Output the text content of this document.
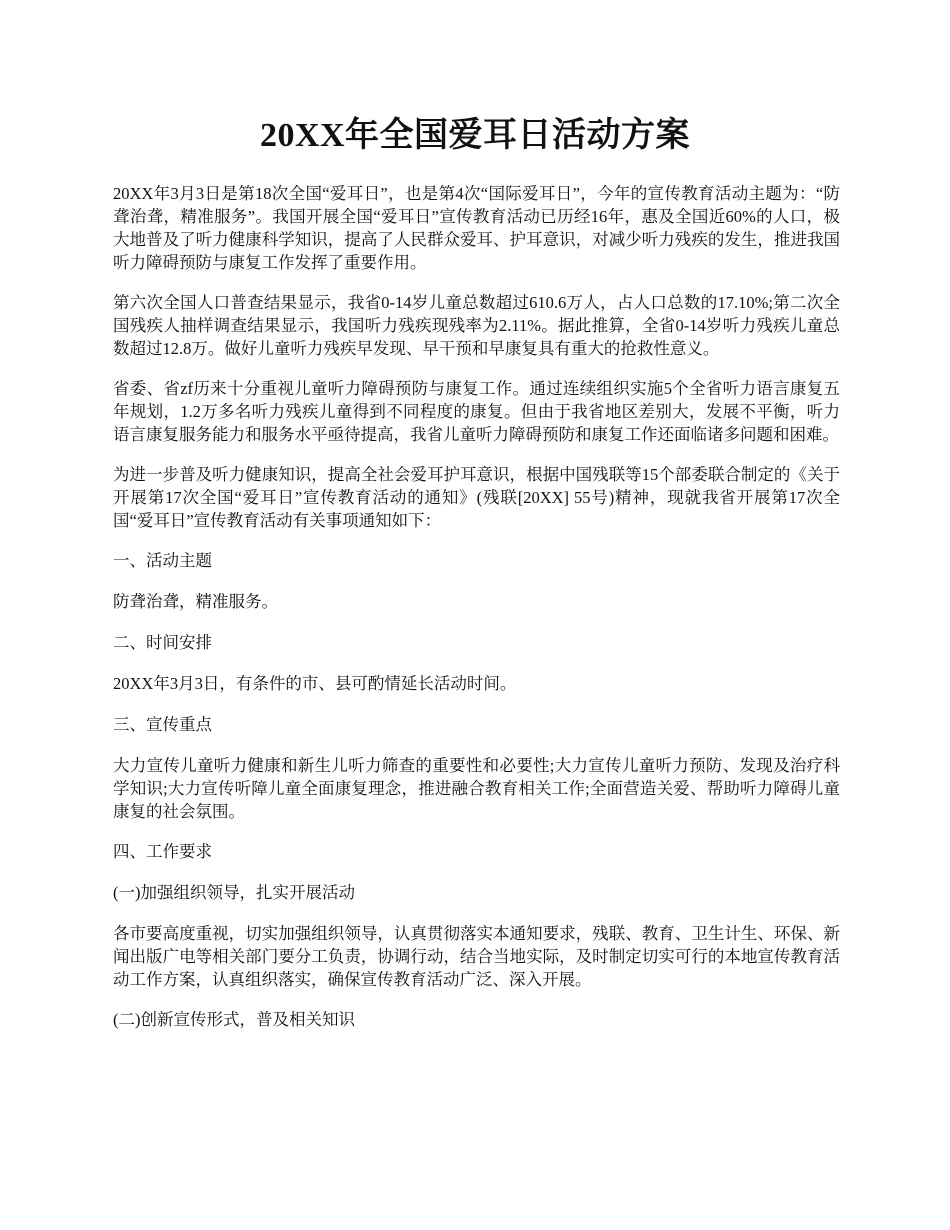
20XX年全国爱耳日活动方案

20XX年3月3日是第18次全国“爱耳日”，也是第4次“国际爱耳日”，今年的宣传教育活动主题为：“防聋治聋，精准服务”。我国开展全国“爱耳日”宣传教育活动已历经16年，惠及全国近60%的人口，极大地普及了听力健康科学知识，提高了人民群众爱耳、护耳意识，对减少听力残疾的发生，推进我国听力障碍预防与康复工作发挥了重要作用。

第六次全国人口普查结果显示，我省0-14岁儿童总数超过610.6万人，占人口总数的17.10%;第二次全国残疾人抽样调查结果显示，我国听力残疾现残率为2.11%。据此推算，全省0-14岁听力残疾儿童总数超过12.8万。做好儿童听力残疾早发现、早干预和早康复具有重大的抢救性意义。

省委、省zf历来十分重视儿童听力障碍预防与康复工作。通过连续组织实施5个全省听力语言康复五年规划，1.2万多名听力残疾儿童得到不同程度的康复。但由于我省地区差别大，发展不平衡，听力语言康复服务能力和服务水平亟待提高，我省儿童听力障碍预防和康复工作还面临诸多问题和困难。

为进一步普及听力健康知识，提高全社会爱耳护耳意识，根据中国残联等15个部委联合制定的《关于开展第17次全国“爱耳日”宣传教育活动的通知》(残联[20XX] 55号)精神，现就我省开展第17次全国“爱耳日”宣传教育活动有关事项通知如下：

一、活动主题

防聋治聋，精准服务。

二、时间安排

20XX年3月3日，有条件的市、县可酌情延长活动时间。

三、宣传重点

大力宣传儿童听力健康和新生儿听力筛查的重要性和必要性;大力宣传儿童听力预防、发现及治疗科学知识;大力宣传听障儿童全面康复理念，推进融合教育相关工作;全面营造关爱、帮助听力障碍儿童康复的社会氛围。

四、工作要求

(一)加强组织领导，扎实开展活动

各市要高度重视，切实加强组织领导，认真贯彻落实本通知要求，残联、教育、卫生计生、环保、新闻出版广电等相关部门要分工负责，协调行动，结合当地实际，及时制定切实可行的本地宣传教育活动工作方案，认真组织落实，确保宣传教育活动广泛、深入开展。

(二)创新宣传形式，普及相关知识
